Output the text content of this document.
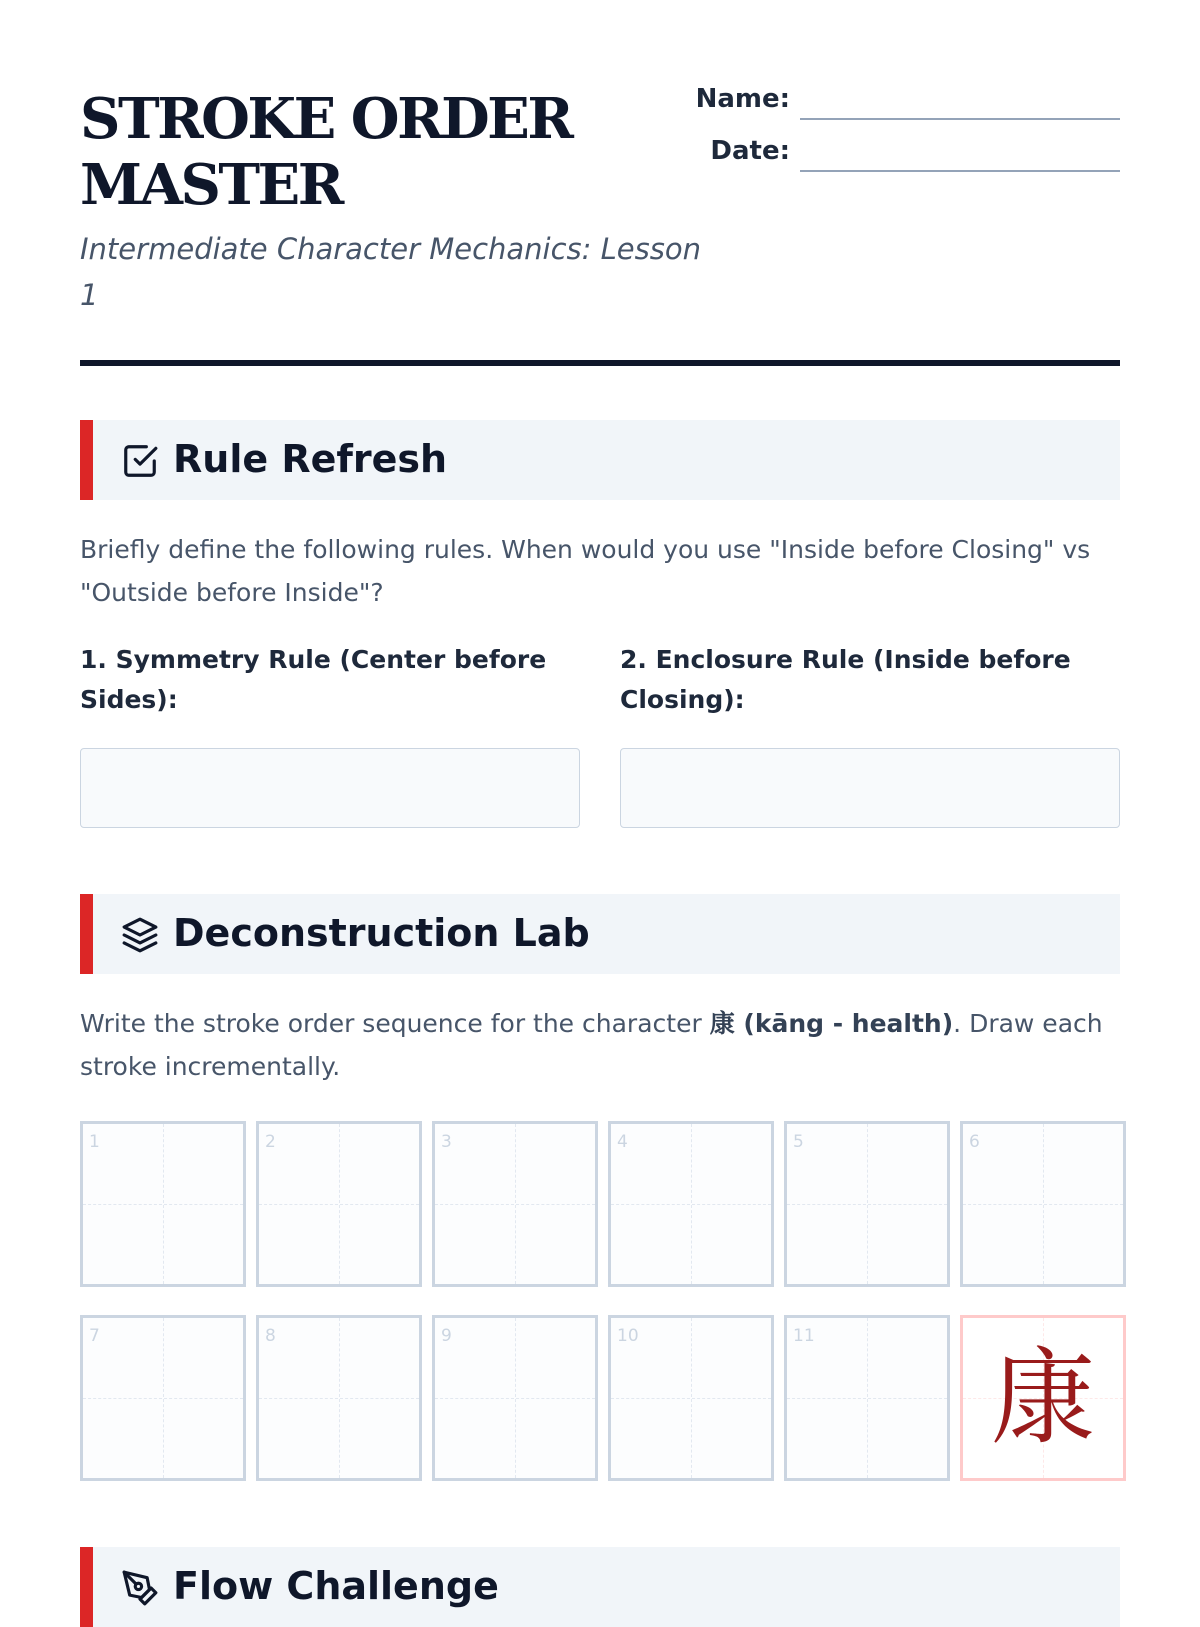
STROKE ORDER MASTER
Intermediate Character Mechanics: Lesson 1
Name:
Date:
Rule Refresh
Briefly define the following rules. When would you use "Inside before Closing" vs "Outside before Inside"?
1. Symmetry Rule (Center before Sides):
2. Enclosure Rule (Inside before Closing):
Deconstruction Lab
Write the stroke order sequence for the character 康 (kāng - health). Draw each stroke incrementally.
1	2	3	4	5	6
7	8	9	10	11
康
Flow Challenge
